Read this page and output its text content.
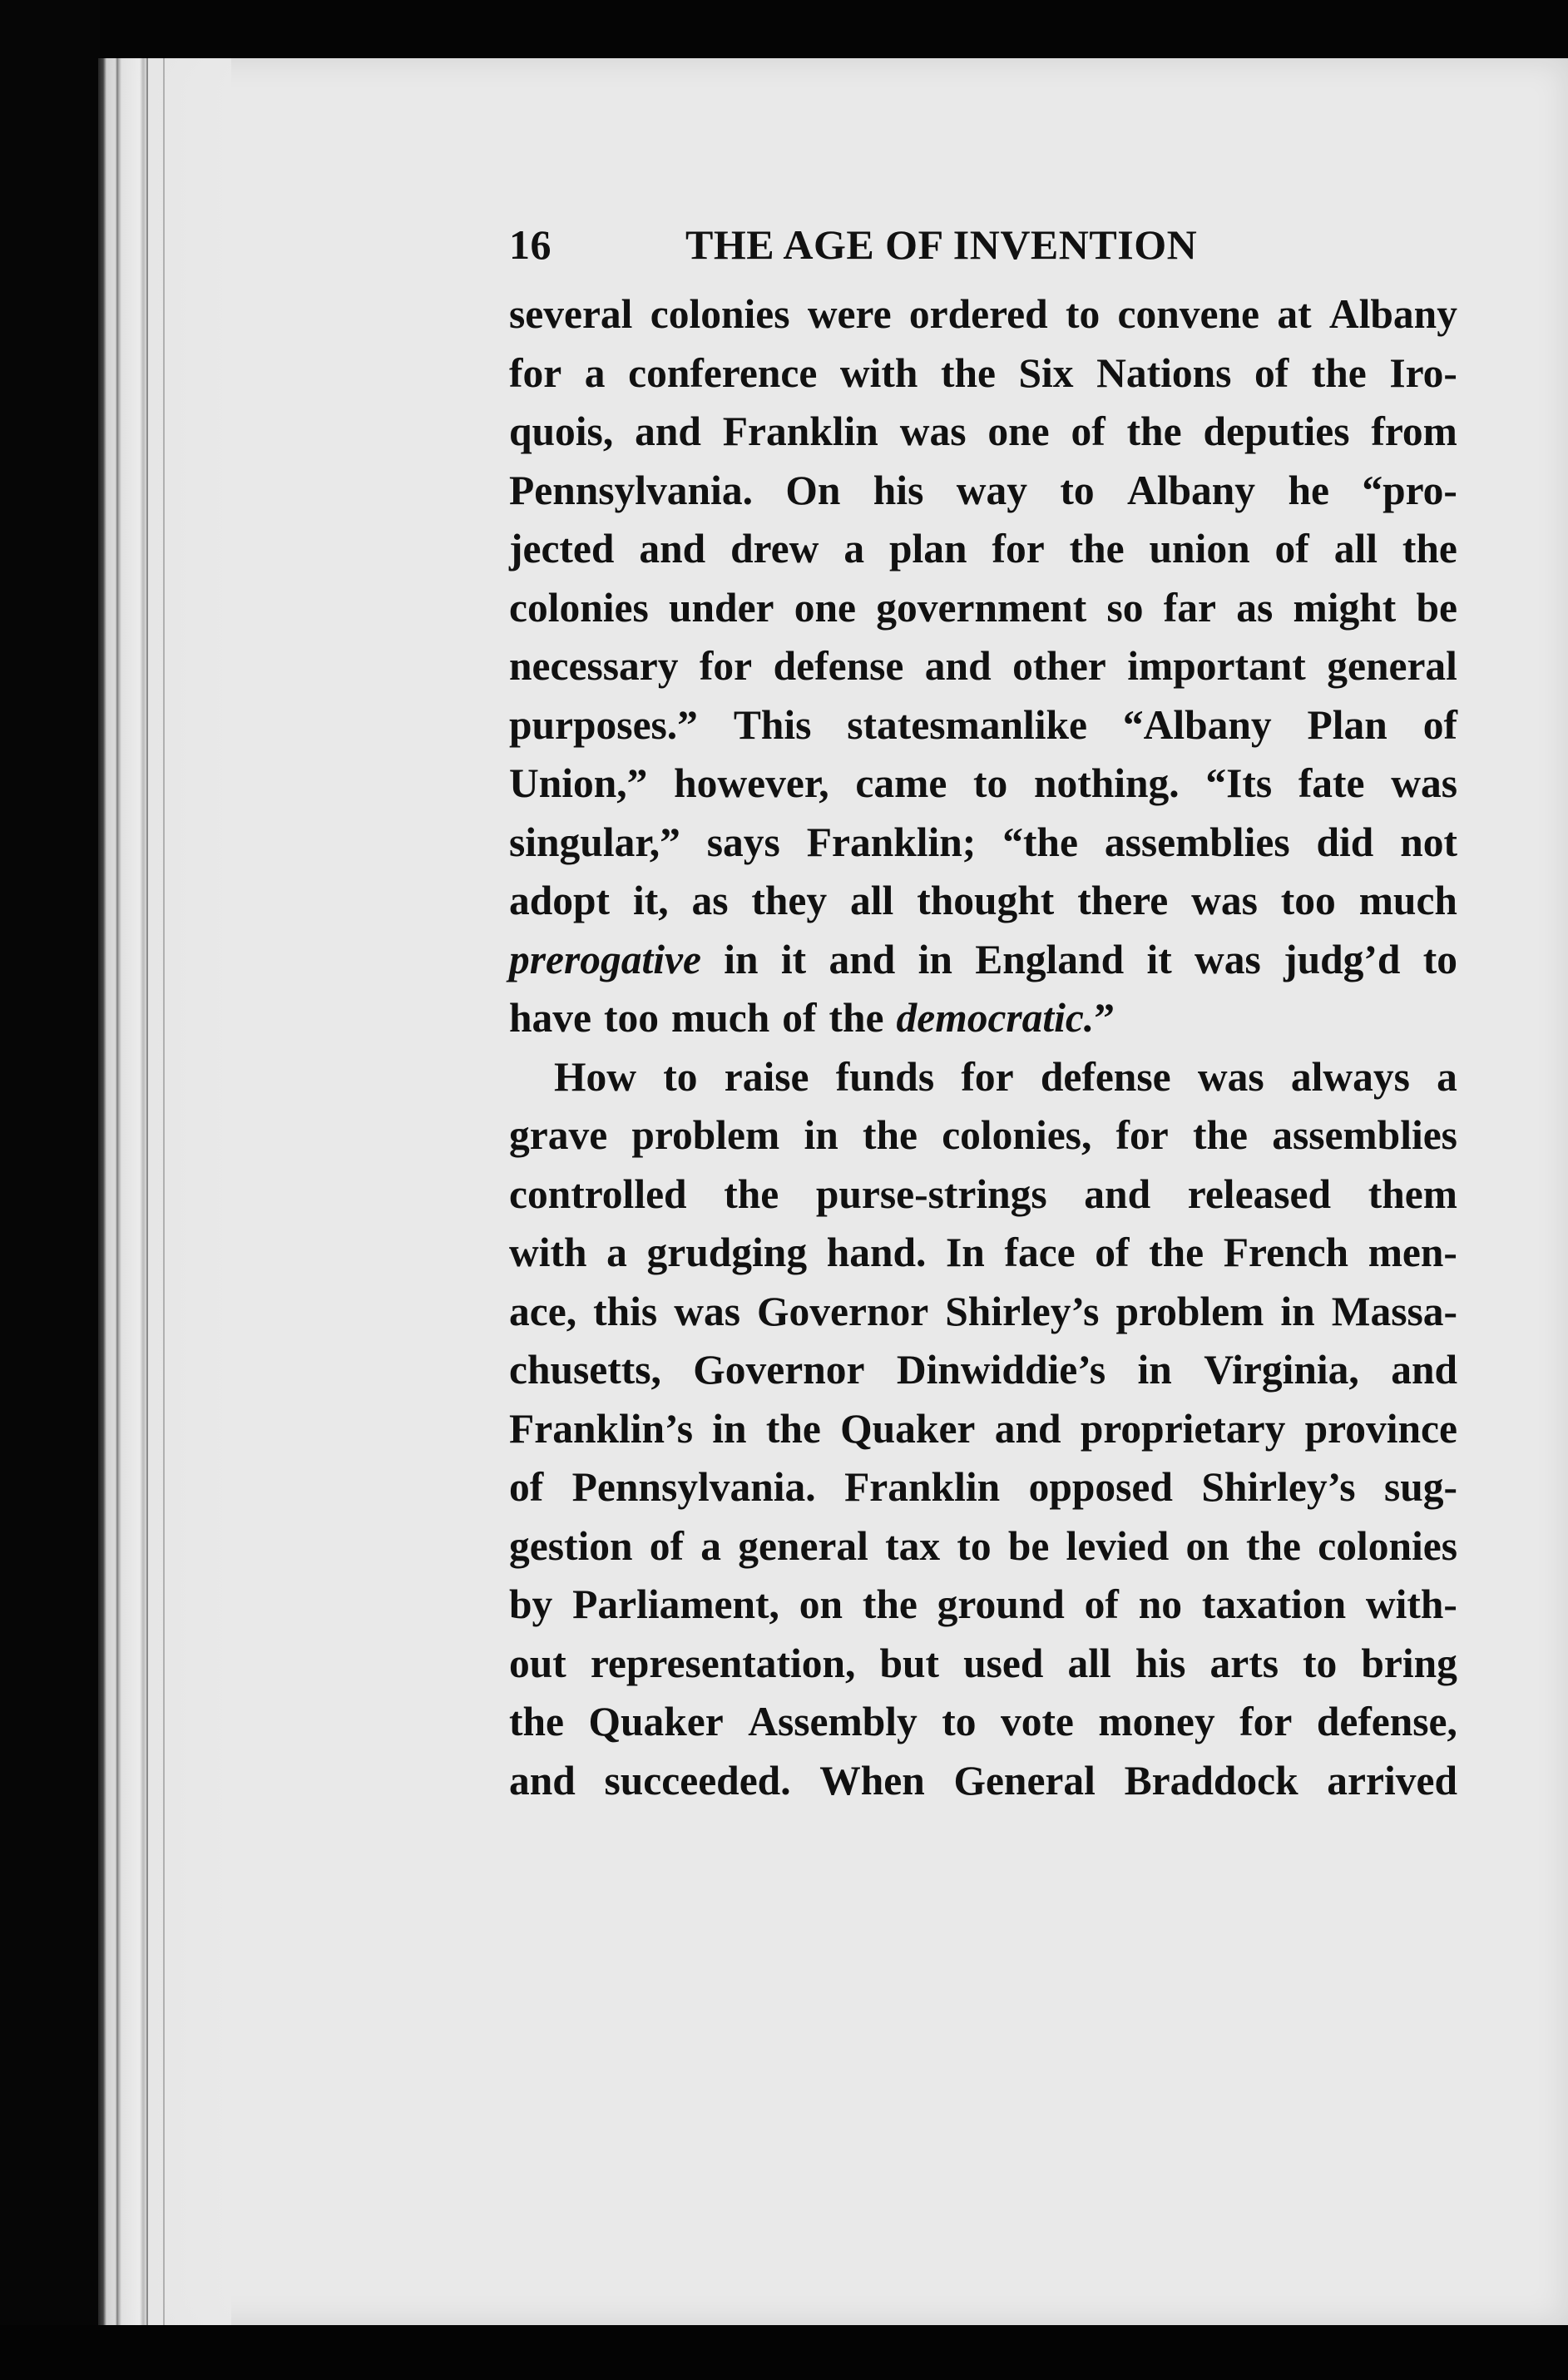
16	THE AGE OF INVENTION
several colonies were ordered to convene at Albany
for a conference with the Six Nations of the Iro-
quois, and Franklin was one of the deputies from
Pennsylvania. On his way to Albany he “pro-
jected and drew a plan for the union of all the
colonies under one government so far as might be
necessary for defense and other important general
purposes.” This statesmanlike “Albany Plan of
Union,” however, came to nothing. “Its fate was
singular,” says Franklin; “the assemblies did not
adopt it, as they all thought there was too much
prerogative in it and in England it was judg’d to
have too much of the democratic.”
How to raise funds for defense was always a
grave problem in the colonies, for the assemblies
controlled the purse-strings and released them
with a grudging hand. In face of the French men-
ace, this was Governor Shirley’s problem in Massa-
chusetts, Governor Dinwiddie’s in Virginia, and
Franklin’s in the Quaker and proprietary province
of Pennsylvania. Franklin opposed Shirley’s sug-
gestion of a general tax to be levied on the colonies
by Parliament, on the ground of no taxation with-
out representation, but used all his arts to bring
the Quaker Assembly to vote money for defense,
and succeeded. When General Braddock arrived
